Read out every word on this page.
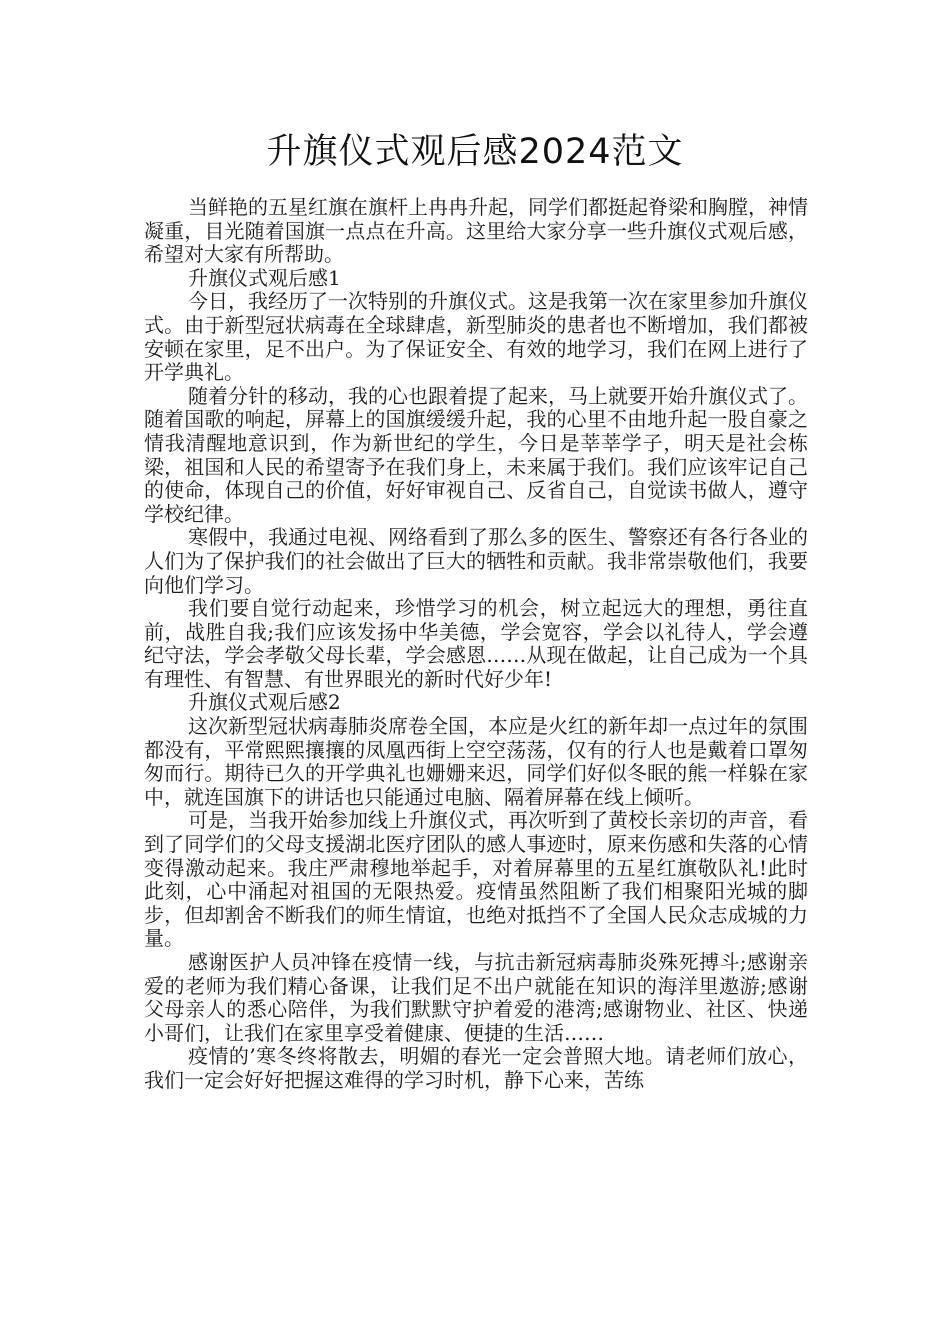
升旗仪式观后感2024范文

当鲜艳的五星红旗在旗杆上冉冉升起，同学们都挺起脊梁和胸膛，神情凝重，目光随着国旗一点点在升高。这里给大家分享一些升旗仪式观后感，希望对大家有所帮助。

升旗仪式观后感1

今日，我经历了一次特别的升旗仪式。这是我第一次在家里参加升旗仪式。由于新型冠状病毒在全球肆虐，新型肺炎的患者也不断增加，我们都被安顿在家里，足不出户。为了保证安全、有效的地学习，我们在网上进行了开学典礼。

随着分针的移动，我的心也跟着提了起来，马上就要开始升旗仪式了。随着国歌的响起，屏幕上的国旗缓缓升起，我的心里不由地升起一股自豪之情我清醒地意识到，作为新世纪的学生，今日是莘莘学子，明天是社会栋梁，祖国和人民的希望寄予在我们身上，未来属于我们。我们应该牢记自己的使命，体现自己的价值，好好审视自己、反省自己，自觉读书做人，遵守学校纪律。

寒假中，我通过电视、网络看到了那么多的医生、警察还有各行各业的人们为了保护我们的社会做出了巨大的牺牲和贡献。我非常崇敬他们，我要向他们学习。

我们要自觉行动起来，珍惜学习的机会，树立起远大的理想，勇往直前，战胜自我;我们应该发扬中华美德，学会宽容，学会以礼待人，学会遵纪守法，学会孝敬父母长辈，学会感恩……从现在做起，让自己成为一个具有理性、有智慧、有世界眼光的新时代好少年!

升旗仪式观后感2

这次新型冠状病毒肺炎席卷全国，本应是火红的新年却一点过年的氛围都没有，平常熙熙攘攘的凤凰西街上空空荡荡，仅有的行人也是戴着口罩匆匆而行。期待已久的开学典礼也姗姗来迟，同学们好似冬眠的熊一样躲在家中，就连国旗下的讲话也只能通过电脑、隔着屏幕在线上倾听。

可是，当我开始参加线上升旗仪式，再次听到了黄校长亲切的声音，看到了同学们的父母支援湖北医疗团队的感人事迹时，原来伤感和失落的心情变得激动起来。我庄严肃穆地举起手，对着屏幕里的五星红旗敬队礼!此时此刻，心中涌起对祖国的无限热爱。疫情虽然阻断了我们相聚阳光城的脚步，但却割舍不断我们的师生情谊，也绝对抵挡不了全国人民众志成城的力量。

感谢医护人员冲锋在疫情一线，与抗击新冠病毒肺炎殊死搏斗;感谢亲爱的老师为我们精心备课，让我们足不出户就能在知识的海洋里遨游;感谢父母亲人的悉心陪伴，为我们默默守护着爱的港湾;感谢物业、社区、快递小哥们，让我们在家里享受着健康、便捷的生活……

疫情的’寒冬终将散去，明媚的春光一定会普照大地。请老师们放心，我们一定会好好把握这难得的学习时机，静下心来，苦练
